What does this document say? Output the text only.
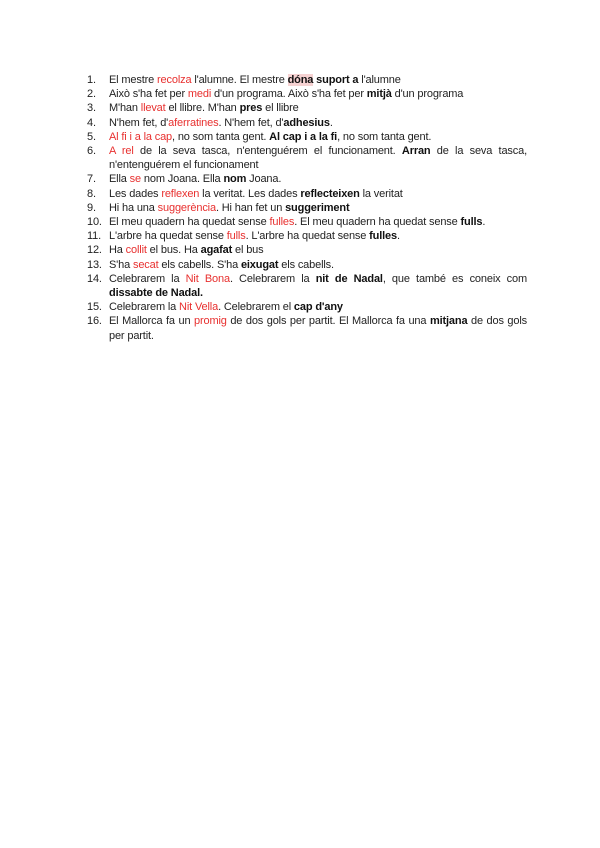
1.	El mestre recolza l'alumne. El mestre dóna suport a l'alumne
2.	Això s'ha fet per medi d'un programa. Això s'ha fet per mitjà d'un programa
3.	M'han llevat el llibre. M'han pres el llibre
4.	N'hem fet, d'aferratines. N'hem fet, d'adhesius.
5.	Al fi i a la cap, no som tanta gent. Al cap i a la fi, no som tanta gent.
6.	A rel de la seva tasca, n'entenguérem el funcionament. Arran de la seva tasca, n'entenguérem el funcionament
7.	Ella se nom Joana. Ella nom Joana.
8.	Les dades reflexen la veritat. Les dades reflecteixen la veritat
9.	Hi ha una suggerència. Hi han fet un suggeriment
10. El meu quadern ha quedat sense fulles. El meu quadern ha quedat sense fulls.
11. L'arbre ha quedat sense fulls. L'arbre ha quedat sense fulles.
12. Ha collit el bus. Ha agafat el bus
13. S'ha secat els cabells. S'ha eixugat els cabells.
14. Celebrarem la Nit Bona. Celebrarem la nit de Nadal, que també es coneix com dissabte de Nadal.
15. Celebrarem la Nit Vella. Celebrarem el cap d'any
16. El Mallorca fa un promig de dos gols per partit. El Mallorca fa una mitjana de dos gols per partit.
